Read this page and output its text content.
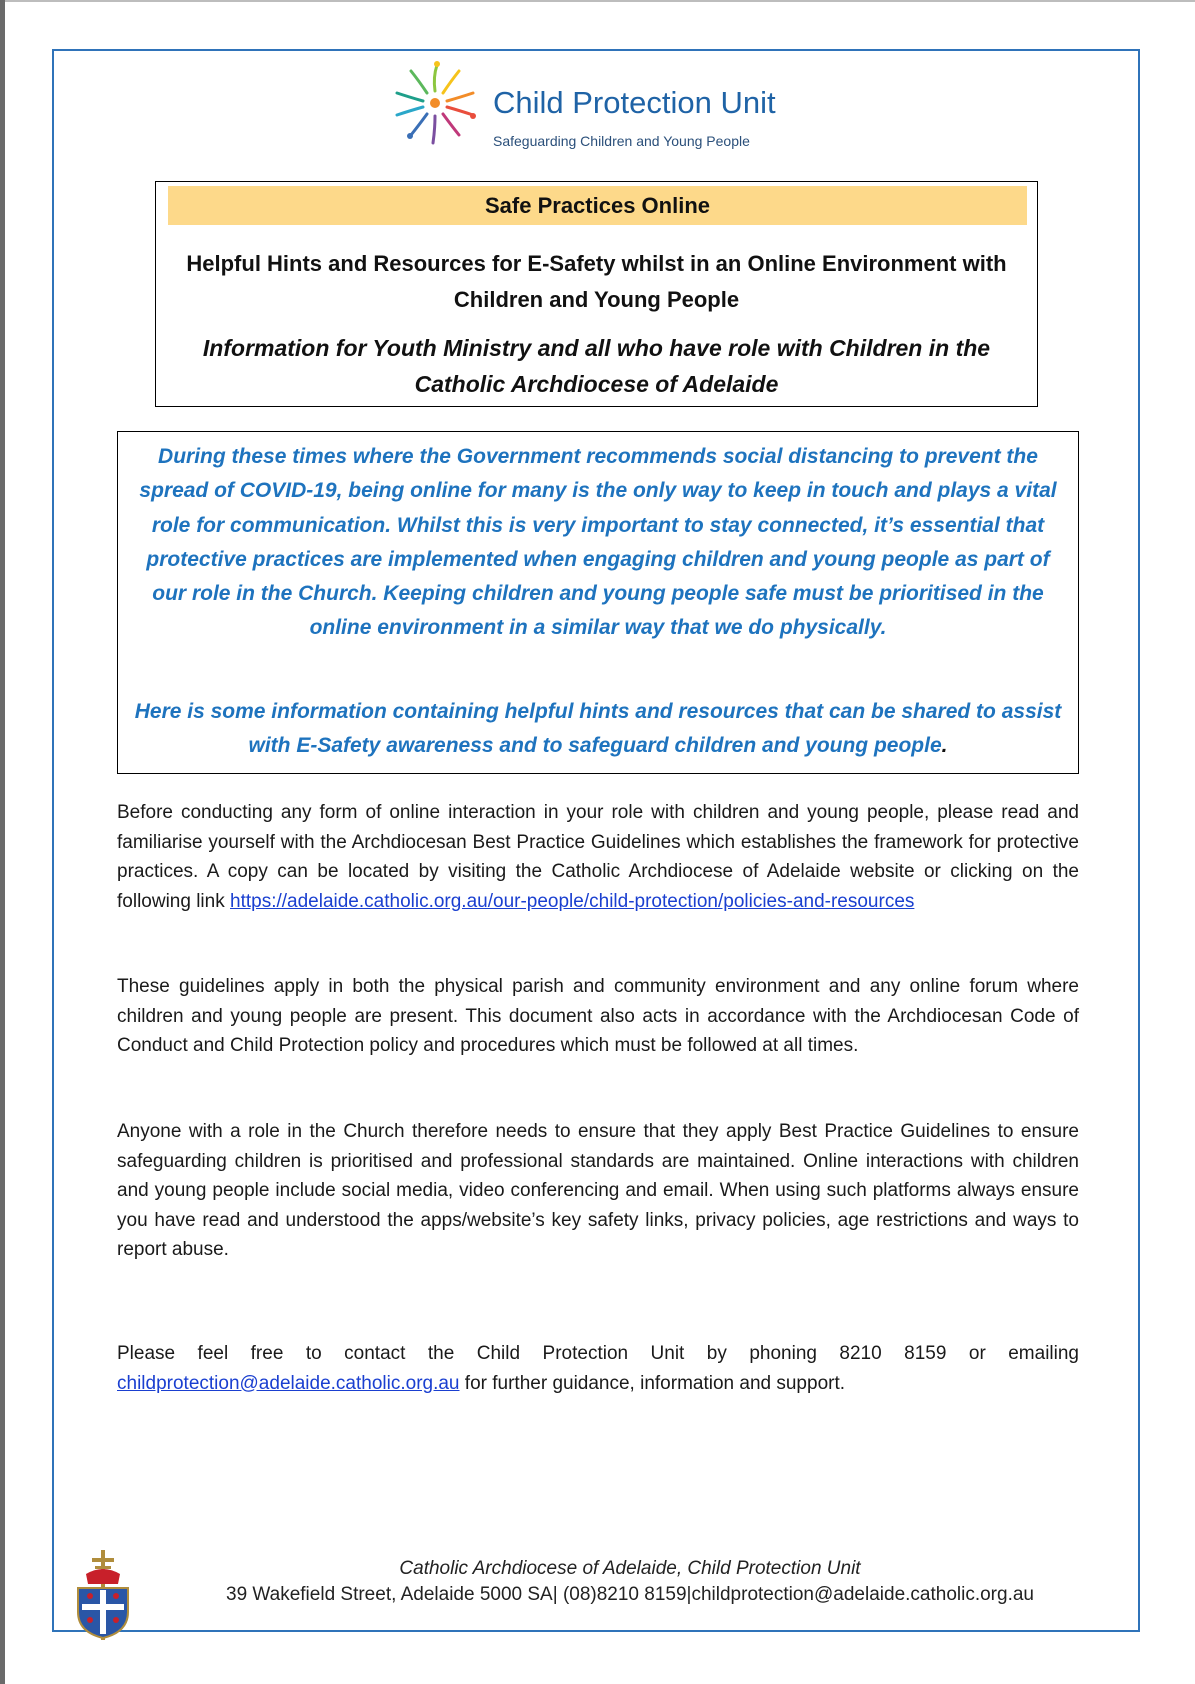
Child Protection Unit
Safeguarding Children and Young People
Safe Practices Online
Helpful Hints and Resources for E-Safety whilst in an Online Environment with Children and Young People
Information for Youth Ministry and all who have role with Children in the Catholic Archdiocese of Adelaide

During these times where the Government recommends social distancing to prevent the spread of COVID-19, being online for many is the only way to keep in touch and plays a vital role for communication. Whilst this is very important to stay connected, it’s essential that protective practices are implemented when engaging children and young people as part of our role in the Church. Keeping children and young people safe must be prioritised in the online environment in a similar way that we do physically.

Here is some information containing helpful hints and resources that can be shared to assist with E-Safety awareness and to safeguard children and young people.

Before conducting any form of online interaction in your role with children and young people, please read and familiarise yourself with the Archdiocesan Best Practice Guidelines which establishes the framework for protective practices. A copy can be located by visiting the Catholic Archdiocese of Adelaide website or clicking on the following link https://adelaide.catholic.org.au/our-people/child-protection/policies-and-resources

These guidelines apply in both the physical parish and community environment and any online forum where children and young people are present. This document also acts in accordance with the Archdiocesan Code of Conduct and Child Protection policy and procedures which must be followed at all times.

Anyone with a role in the Church therefore needs to ensure that they apply Best Practice Guidelines to ensure safeguarding children is prioritised and professional standards are maintained. Online interactions with children and young people include social media, video conferencing and email. When using such platforms always ensure you have read and understood the apps/website’s key safety links, privacy policies, age restrictions and ways to report abuse.

Please feel free to contact the Child Protection Unit by phoning 8210 8159 or emailing childprotection@adelaide.catholic.org.au for further guidance, information and support.

Catholic Archdiocese of Adelaide, Child Protection Unit
39 Wakefield Street, Adelaide 5000 SA| (08)8210 8159|childprotection@adelaide.catholic.org.au
